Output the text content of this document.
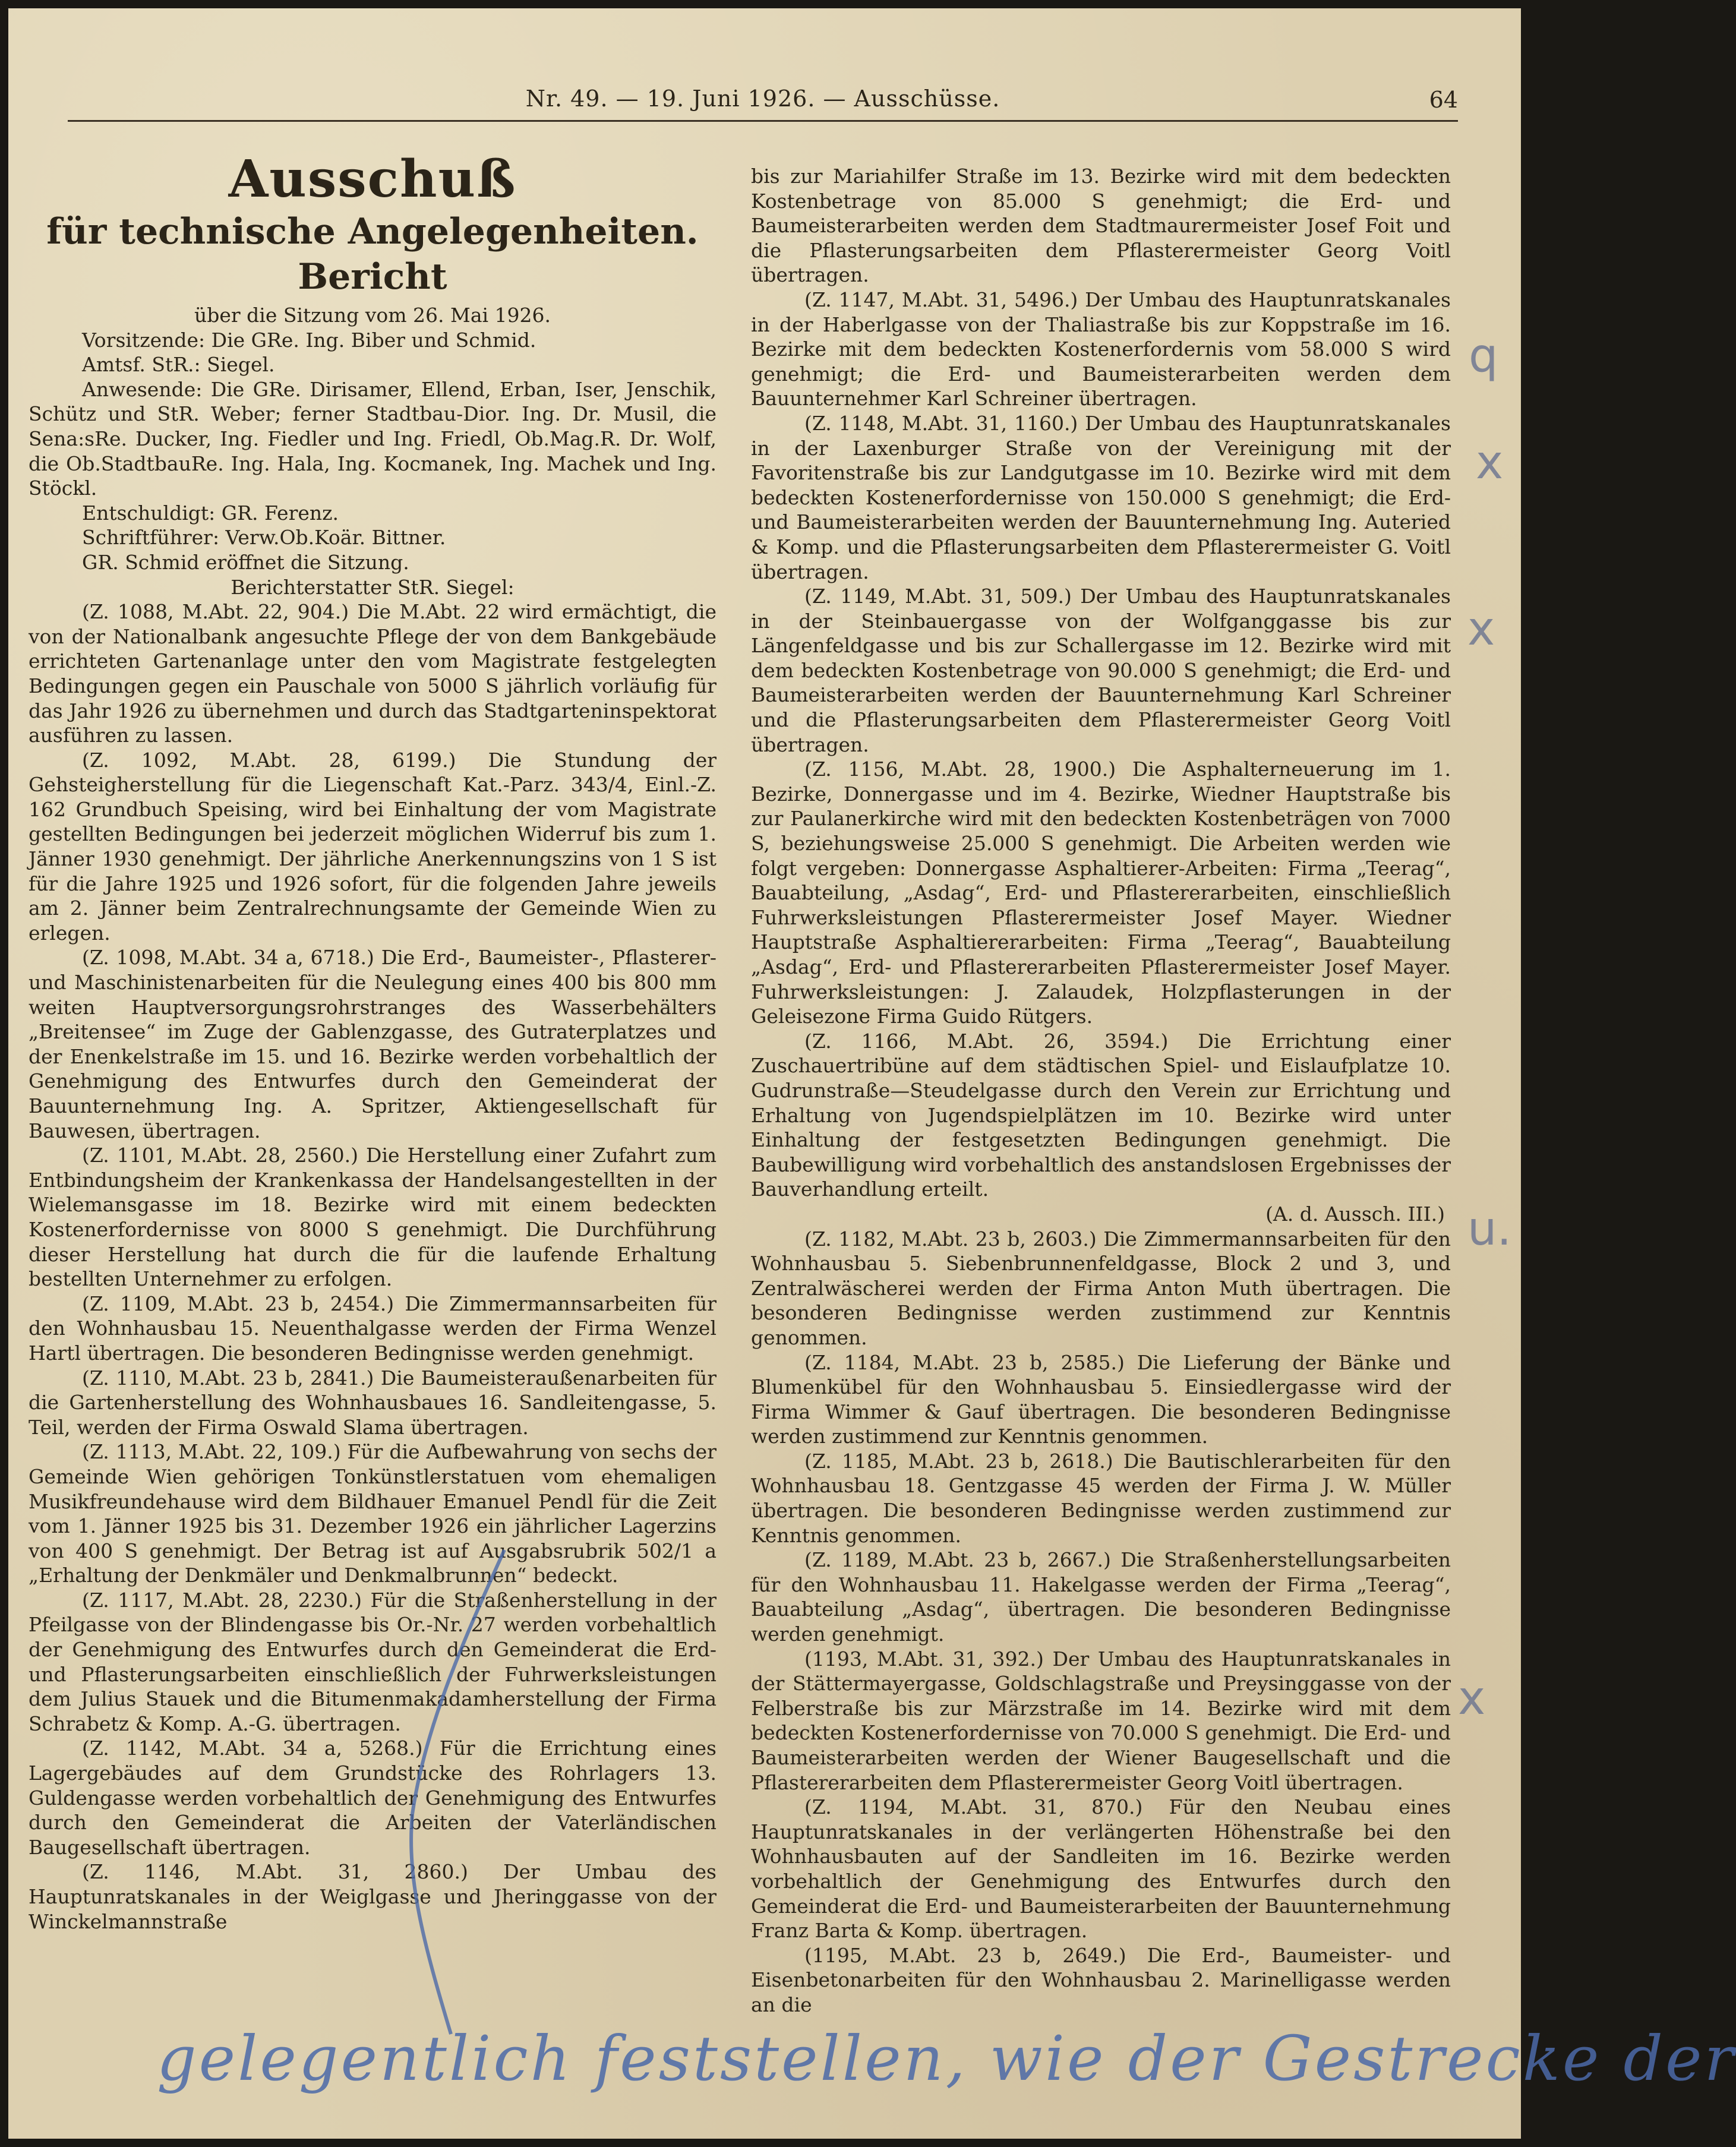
Nr. 49. — 19. Juni 1926. — Ausschüsse.	64
Ausschuß
für technische Angelegenheiten.
Bericht

über die Sitzung vom 26. Mai 1926.

Vorsitzende: Die GRe. Ing. Biber und Schmid.

Amtsf. StR.: Siegel.

Anwesende: Die GRe. Dirisamer, Ellend, Erban, Iser, Jenschik, Schütz und StR. Weber; ferner Stadtbau-Dior. Ing. Dr. Musil, die Sena:sRe. Ducker, Ing. Fiedler und Ing. Friedl, Ob.Mag.R. Dr. Wolf, die Ob.StadtbauRe. Ing. Hala, Ing. Kocmanek, Ing. Machek und Ing. Stöckl.

Entschuldigt: GR. Ferenz.

Schriftführer: Verw.Ob.Koär. Bittner.

GR. Schmid eröffnet die Sitzung.

Berichterstatter StR. Siegel:

(Z. 1088, M.Abt. 22, 904.) Die M.Abt. 22 wird ermächtigt, die von der Nationalbank angesuchte Pflege der von dem Bankgebäude errichteten Gartenanlage unter den vom Magistrate festgelegten Bedingungen gegen ein Pauschale von 5000 S jährlich vorläufig für das Jahr 1926 zu übernehmen und durch das Stadtgarteninspektorat ausführen zu lassen.

(Z. 1092, M.Abt. 28, 6199.) Die Stundung der Gehsteigherstellung für die Liegenschaft Kat.-Parz. 343/4, Einl.-Z. 162 Grundbuch Speising, wird bei Einhaltung der vom Magistrate gestellten Bedingungen bei jederzeit möglichen Widerruf bis zum 1. Jänner 1930 genehmigt. Der jährliche Anerkennungszins von 1 S ist für die Jahre 1925 und 1926 sofort, für die folgenden Jahre jeweils am 2. Jänner beim Zentralrechnungsamte der Gemeinde Wien zu erlegen.

(Z. 1098, M.Abt. 34 a, 6718.) Die Erd-, Baumeister-, Pflasterer- und Maschinistenarbeiten für die Neulegung eines 400 bis 800 mm weiten Hauptversorgungsrohrstranges des Wasserbehälters „Breitensee“ im Zuge der Gablenzgasse, des Gutraterplatzes und der Enenkelstraße im 15. und 16. Bezirke werden vorbehaltlich der Genehmigung des Entwurfes durch den Gemeinderat der Bauunternehmung Ing. A. Spritzer, Aktiengesellschaft für Bauwesen, übertragen.

(Z. 1101, M.Abt. 28, 2560.) Die Herstellung einer Zufahrt zum Entbindungsheim der Krankenkassa der Handelsangestellten in der Wielemansgasse im 18. Bezirke wird mit einem bedeckten Kostenerfordernisse von 8000 S genehmigt. Die Durchführung dieser Herstellung hat durch die für die laufende Erhaltung bestellten Unternehmer zu erfolgen.

(Z. 1109, M.Abt. 23 b, 2454.) Die Zimmermannsarbeiten für den Wohnhausbau 15. Neuenthalgasse werden der Firma Wenzel Hartl übertragen. Die besonderen Bedingnisse werden genehmigt.

(Z. 1110, M.Abt. 23 b, 2841.) Die Baumeisteraußenarbeiten für die Gartenherstellung des Wohnhausbaues 16. Sandleitengasse, 5. Teil, werden der Firma Oswald Slama übertragen.

(Z. 1113, M.Abt. 22, 109.) Für die Aufbewahrung von sechs der Gemeinde Wien gehörigen Tonkünstlerstatuen vom ehemaligen Musikfreundehause wird dem Bildhauer Emanuel Pendl für die Zeit vom 1. Jänner 1925 bis 31. Dezember 1926 ein jährlicher Lagerzins von 400 S genehmigt. Der Betrag ist auf Ausgabsrubrik 502/1 a „Erhaltung der Denkmäler und Denkmalbrunnen“ bedeckt.

(Z. 1117, M.Abt. 28, 2230.) Für die Straßenherstellung in der Pfeilgasse von der Blindengasse bis Or.-Nr. 27 werden vorbehaltlich der Genehmigung des Entwurfes durch den Gemeinderat die Erd- und Pflasterungsarbeiten einschließlich der Fuhrwerksleistungen dem Julius Stauek und die Bitumenmakadamherstellung der Firma Schrabetz & Komp. A.-G. übertragen.

(Z. 1142, M.Abt. 34 a, 5268.) Für die Errichtung eines Lagergebäudes auf dem Grundstücke des Rohrlagers 13. Guldengasse werden vorbehaltlich der Genehmigung des Entwurfes durch den Gemeinderat die Arbeiten der Vaterländischen Baugesellschaft übertragen.

(Z. 1146, M.Abt. 31, 2860.) Der Umbau des Hauptunratskanales in der Weiglgasse und Jheringgasse von der Winckelmannstraße

bis zur Mariahilfer Straße im 13. Bezirke wird mit dem bedeckten Kostenbetrage von 85.000 S genehmigt; die Erd- und Baumeisterarbeiten werden dem Stadtmaurermeister Josef Foit und die Pflasterungsarbeiten dem Pflasterermeister Georg Voitl übertragen.

(Z. 1147, M.Abt. 31, 5496.) Der Umbau des Hauptunratskanales in der Haberlgasse von der Thaliastraße bis zur Koppstraße im 16. Bezirke mit dem bedeckten Kostenerfordernis vom 58.000 S wird genehmigt; die Erd- und Baumeisterarbeiten werden dem Bauunternehmer Karl Schreiner übertragen.

(Z. 1148, M.Abt. 31, 1160.) Der Umbau des Hauptunratskanales in der Laxenburger Straße von der Vereinigung mit der Favoritenstraße bis zur Landgutgasse im 10. Bezirke wird mit dem bedeckten Kostenerfordernisse von 150.000 S genehmigt; die Erd- und Baumeisterarbeiten werden der Bauunternehmung Ing. Auteried & Komp. und die Pflasterungsarbeiten dem Pflasterermeister G. Voitl übertragen.

(Z. 1149, M.Abt. 31, 509.) Der Umbau des Hauptunratskanales in der Steinbauergasse von der Wolfganggasse bis zur Längenfeldgasse und bis zur Schallergasse im 12. Bezirke wird mit dem bedeckten Kostenbetrage von 90.000 S genehmigt; die Erd- und Baumeisterarbeiten werden der Bauunternehmung Karl Schreiner und die Pflasterungsarbeiten dem Pflasterermeister Georg Voitl übertragen.

(Z. 1156, M.Abt. 28, 1900.) Die Asphalterneuerung im 1. Bezirke, Donnergasse und im 4. Bezirke, Wiedner Hauptstraße bis zur Paulanerkirche wird mit den bedeckten Kostenbeträgen von 7000 S, beziehungsweise 25.000 S genehmigt. Die Arbeiten werden wie folgt vergeben: Donnergasse Asphaltierer-Arbeiten: Firma „Teerag“, Bauabteilung, „Asdag“, Erd- und Pflastererarbeiten, einschließlich Fuhrwerksleistungen Pflasterermeister Josef Mayer. Wiedner Hauptstraße Asphaltiererarbeiten: Firma „Teerag“, Bauabteilung „Asdag“, Erd- und Pflastererarbeiten Pflasterermeister Josef Mayer. Fuhrwerksleistungen: J. Zalaudek, Holzpflasterungen in der Geleisezone Firma Guido Rütgers.

(Z. 1166, M.Abt. 26, 3594.) Die Errichtung einer Zuschauertribüne auf dem städtischen Spiel- und Eislaufplatze 10. Gudrunstraße—Steudelgasse durch den Verein zur Errichtung und Erhaltung von Jugendspielplätzen im 10. Bezirke wird unter Einhaltung der festgesetzten Bedingungen genehmigt. Die Baubewilligung wird vorbehaltlich des anstandslosen Ergebnisses der Bauverhandlung erteilt.

(A. d. Aussch. III.)

(Z. 1182, M.Abt. 23 b, 2603.) Die Zimmermannsarbeiten für den Wohnhausbau 5. Siebenbrunnenfeldgasse, Block 2 und 3, und Zentralwäscherei werden der Firma Anton Muth übertragen. Die besonderen Bedingnisse werden zustimmend zur Kenntnis genommen.

(Z. 1184, M.Abt. 23 b, 2585.) Die Lieferung der Bänke und Blumenkübel für den Wohnhausbau 5. Einsiedlergasse wird der Firma Wimmer & Gauf übertragen. Die besonderen Bedingnisse werden zustimmend zur Kenntnis genommen.

(Z. 1185, M.Abt. 23 b, 2618.) Die Bautischlerarbeiten für den Wohnhausbau 18. Gentzgasse 45 werden der Firma J. W. Müller übertragen. Die besonderen Bedingnisse werden zustimmend zur Kenntnis genommen.

(Z. 1189, M.Abt. 23 b, 2667.) Die Straßenherstellungsarbeiten für den Wohnhausbau 11. Hakelgasse werden der Firma „Teerag“, Bauabteilung „Asdag“, übertragen. Die besonderen Bedingnisse werden genehmigt.

(1193, M.Abt. 31, 392.) Der Umbau des Hauptunratskanales in der Stättermayergasse, Goldschlagstraße und Preysinggasse von der Felberstraße bis zur Märzstraße im 14. Bezirke wird mit dem bedeckten Kostenerfordernisse von 70.000 S genehmigt. Die Erd- und Baumeisterarbeiten werden der Wiener Baugesellschaft und die Pflastererarbeiten dem Pflasterermeister Georg Voitl übertragen.

(Z. 1194, M.Abt. 31, 870.) Für den Neubau eines Hauptunratskanales in der verlängerten Höhenstraße bei den Wohnhausbauten auf der Sandleiten im 16. Bezirke werden vorbehaltlich der Genehmigung des Entwurfes durch den Gemeinderat die Erd- und Baumeisterarbeiten der Bauunternehmung Franz Barta & Komp. übertragen.

(1195, M.Abt. 23 b, 2649.) Die Erd-, Baumeister- und Eisenbetonarbeiten für den Wohnhausbau 2. Marinelligasse werden an die

q
x
x
u.
x
gelegentlich feststellen, wie der Gestrecke der
